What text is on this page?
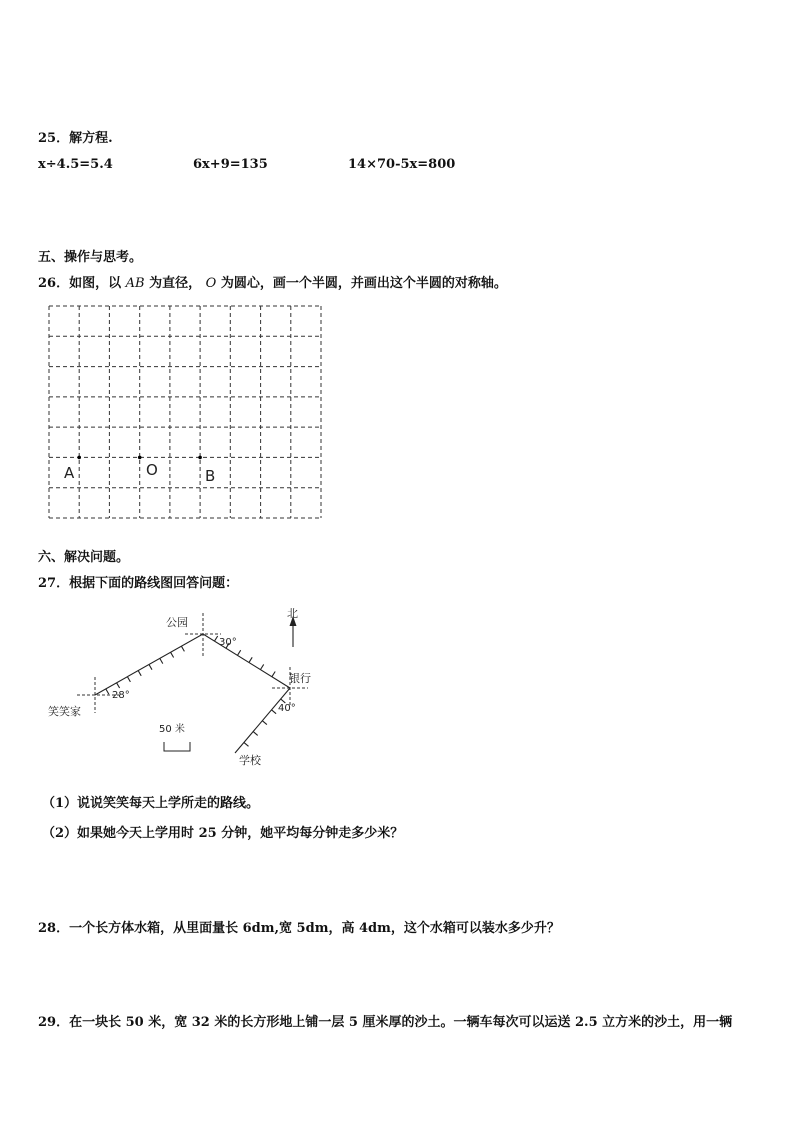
25．解方程.
x÷4.5=5.4	6x+9=135	14×70-5x=800
五、操作与思考。
26．如图，以 AB 为直径， O 为圆心，画一个半圆，并画出这个半圆的对称轴。
A	O	B
六、解决问题。
27．根据下面的路线图回答问题：
公园
北
银行
笑笑家
学校
30°
28°
40°
50 米
（1）说说笑笑每天上学所走的路线。
（2）如果她今天上学用时 25 分钟，她平均每分钟走多少米？
28．一个长方体水箱，从里面量长 6dm,宽 5dm，高 4dm，这个水箱可以装水多少升？
29．在一块长 50 米，宽 32 米的长方形地上铺一层 5 厘米厚的沙土。一辆车每次可以运送 2.5 立方米的沙土，用一辆
